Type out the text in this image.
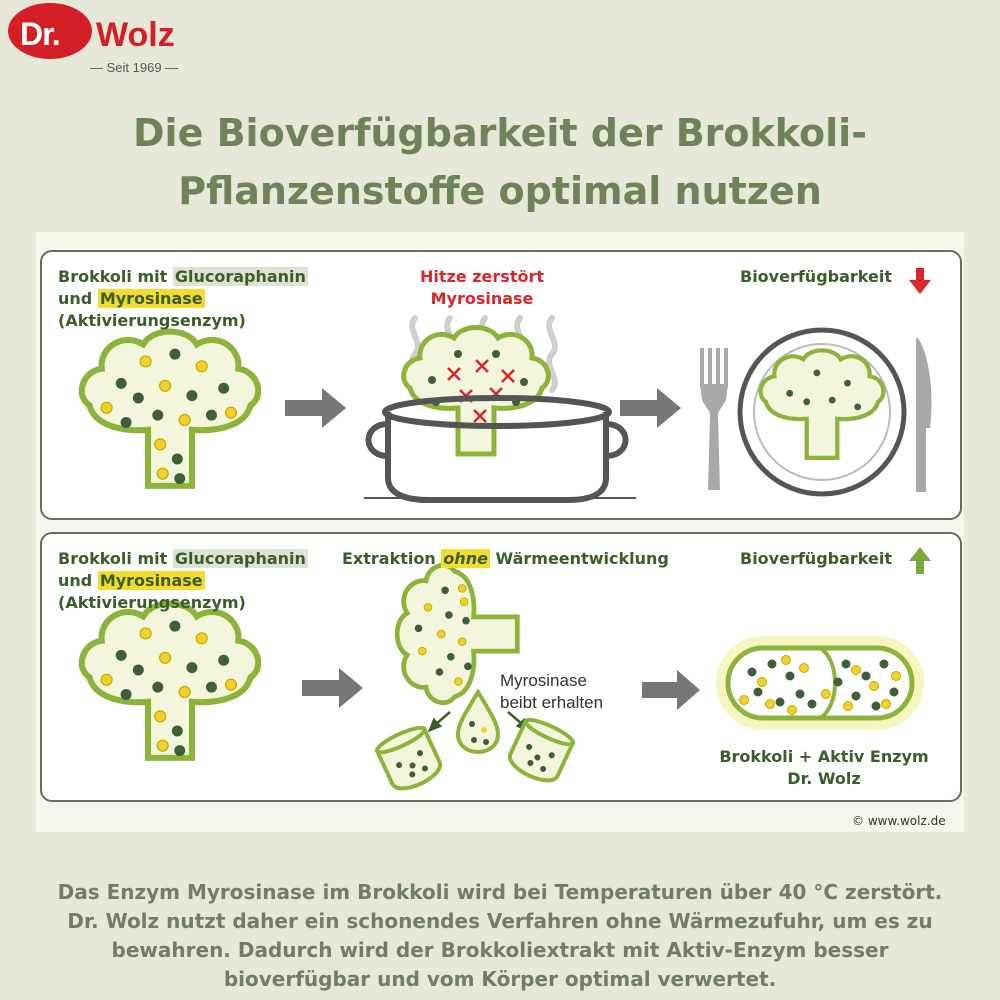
Dr. Wolz
— Seit 1969 —
Die Bioverfügbarkeit der Brokkoli-
Pflanzenstoffe optimal nutzen
Brokkoli mit Glucoraphanin
und Myrosinase
(Aktivierungsenzym)
Hitze zerstört
Myrosinase
Bioverfügbarkeit
Brokkoli mit Glucoraphanin
und Myrosinase
(Aktivierungsenzym)
Extraktion ohne Wärmeentwicklung
Myrosinase
beibt erhalten
Bioverfügbarkeit
Brokkoli + Aktiv Enzym
Dr. Wolz
© www.wolz.de

Das Enzym Myrosinase im Brokkoli wird bei Temperaturen über 40 °C zerstört. Dr. Wolz nutzt daher ein schonendes Verfahren ohne Wärmezufuhr, um es zu bewahren. Dadurch wird der Brokkoliextrakt mit Aktiv-Enzym besser bioverfügbar und vom Körper optimal verwertet.
